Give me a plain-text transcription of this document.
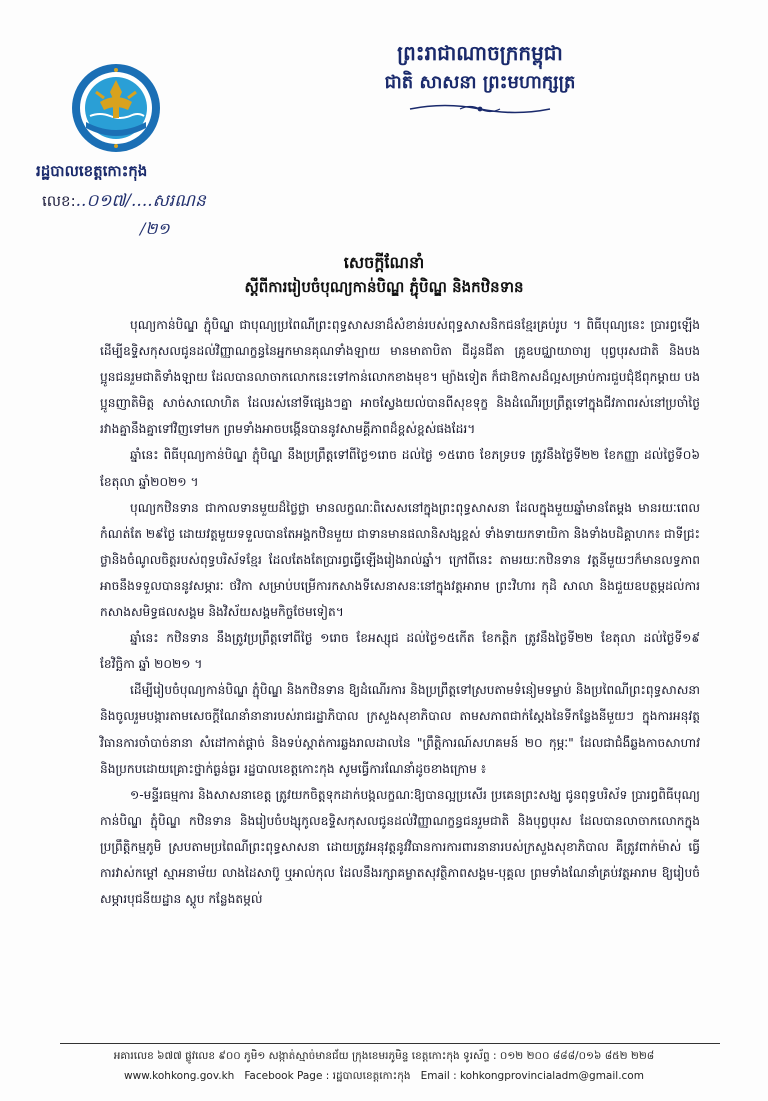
ព្រះរាជាណាចក្រកម្ពុជា
ជាតិ សាសនា ព្រះមហាក្សត្រ
រដ្ឋបាលខេត្តកោះកុង
លេខ:..០១៧/....សរណន
/២១
សេចក្តីណែនាំ
ស្តីពីការរៀបចំបុណ្យកាន់បិណ្ឌ ភ្ជុំបិណ្ឌ និងកឋិនទាន

បុណ្យកាន់បិណ្ឌ ភ្ជុំបិណ្ឌ ជាបុណ្យប្រពៃណីព្រះពុទ្ធសាសនាដ៏សំខាន់របស់ពុទ្ធសាសនិកជនខ្មែរគ្រប់រូប ។ ពិធីបុណ្យនេះ ប្រារព្ធឡើងដើម្បីឧទ្ទិសកុសលជូនដល់វិញ្ញាណក្ខន្ធនៃអ្នកមានគុណទាំងឡាយ មានមាតាបិតា ជីដូនជីតា គ្រូឧបជ្ឈាយាចារ្យ បុព្វបុរសជាតិ និងបងប្អូនជនរួមជាតិទាំងឡាយ ដែលបានលាចាកលោកនេះទៅកាន់លោកខាងមុខ។ ម្យ៉ាងទៀត ក៏ជាឱកាសដ៏ល្អសម្រាប់ការជួបជុំឪពុកម្តាយ បងប្អូនញាតិមិត្ត សាច់សាលោហិត ដែលរស់នៅទីផ្សេងៗគ្នា អាចស្វែងយល់បានពីសុខទុក្ខ និងដំណើរប្រព្រឹត្តទៅក្នុងជីវភាពរស់នៅប្រចាំថ្ងៃរវាងគ្នានឹងគ្នាទៅវិញទៅមក ព្រមទាំងអាចបង្កើនបាននូវសាមគ្គីភាពដ៏ខ្ពស់ខ្ពស់ផងដែរ។

ឆ្នាំនេះ ពិធីបុណ្យកាន់បិណ្ឌ ភ្ជុំបិណ្ឌ នឹងប្រព្រឹត្តទៅពីថ្ងៃ១រោច ដល់ថ្ងៃ ១៥រោច ខែភទ្របទ ត្រូវនឹងថ្ងៃទី២២ ខែកញ្ញា ដល់ថ្ងៃទី០៦ ខែតុលា ឆ្នាំ២០២១ ។

បុណ្យកឋិនទាន ជាកាលទានមួយដ៏ថ្លៃថ្លា មានលក្ខណៈពិសេសនៅក្នុងព្រះពុទ្ធសាសនា ដែលក្នុងមួយឆ្នាំមានតែម្តង មានរយៈពេលកំណត់តែ ២៩ថ្ងៃ ដោយវត្តមួយទទួលបានតែអង្គកឋិនមួយ ជាទានមានផលានិសង្សខ្ពស់ ទាំងទាយកទាយិកា និងទាំងបដិគ្គាហក៖ ជាទីជ្រះថ្លានិងចំណូលចិត្តរបស់ពុទ្ធបរិស័ទខ្មែរ ដែលតែងតែប្រារព្ធធ្វើឡើងរៀងរាល់ឆ្នាំ។ ក្រៅពីនេះ តាមរយៈកឋិនទាន វត្តនីមួយៗក៏មានលទ្ធភាពអាចនឹងទទួលបាននូវសម្ភារៈ ថវិកា សម្រាប់បម្រើការកសាងទីសេនាសនៈនៅក្នុងវត្តអារាម ព្រះវិហារ កុដិ សាលា និងជួយឧបត្ថម្ភដល់ការកសាងសមិទ្ធផលសង្គម និងវិស័យសង្គមកិច្ចថែមទៀត។

ឆ្នាំនេះ កឋិនទាន នឹងត្រូវប្រព្រឹត្តទៅពីថ្ងៃ ១រោច ខែអស្សុជ ដល់ថ្ងៃ១៥កើត ខែកត្តិក ត្រូវនឹងថ្ងៃទី២២ ខែតុលា ដល់ថ្ងៃទី១៩ ខែវិច្ឆិកា ឆ្នាំ ២០២១ ។

ដើម្បីរៀបចំបុណ្យកាន់បិណ្ឌ ភ្ជុំបិណ្ឌ និងកឋិនទាន ឱ្យដំណើរការ និងប្រព្រឹត្តទៅស្របតាមទំនៀមទម្លាប់ និងប្រពៃណីព្រះពុទ្ធសាសនា និងចូលរួមបង្ការតាមសេចក្តីណែនាំនានារបស់រាជរដ្ឋាភិបាល ក្រសួងសុខាភិបាល តាមសភាពជាក់ស្តែងនៃទីកន្លែងនីមួយៗ ក្នុងការអនុវត្តវិធានការចាំបាច់នានា សំដៅកាត់ផ្តាច់ និងទប់ស្កាត់ការឆ្លងរាលដាលនៃ "ព្រឹត្តិការណ៍សហគមន៍ ២០ កុម្ភៈ" ដែលជាជំងឺឆ្លងកាចសាហាវ និងប្រកបដោយគ្រោះថ្នាក់ធ្ងន់ធ្ងរ រដ្ឋបាលខេត្តកោះកុង សូមធ្វើការណែនាំដូចខាងក្រោម ៖

១-មន្ទីរធម្មការ និងសាសនាខេត្ត ត្រូវយកចិត្តទុកដាក់បង្កលក្ខណៈឱ្យបានល្អប្រសើរ ប្រគេនព្រះសង្ឃ ជូនពុទ្ធបរិស័ទ ប្រារព្ធពិធីបុណ្យកាន់បិណ្ឌ ភ្ជុំបិណ្ឌ កឋិនទាន និងរៀបចំបង្សុកូលឧទ្ទិសកុសលជូនដល់វិញ្ញាណក្ខន្ធជនរួមជាតិ និងបុព្វបុរស ដែលបានលាចាកលោកក្នុងប្រព្រឹត្តិកម្មភូមិ ស្របតាមប្រពៃណីព្រះពុទ្ធសាសនា ដោយត្រូវអនុវត្តនូវវិធានការការពារនានារបស់ក្រសួងសុខាភិបាល គឺត្រូវពាក់ម៉ាស់ ធ្វើការវាស់កម្តៅ ស្មាអនាម័យ លាងដៃសាប៊ូ ឬអាល់កុល ដែលនឹងរក្សាគម្លាតសុវត្ថិភាពសង្គម-បុគ្គល ព្រមទាំងណែនាំគ្រប់វត្តអារាម ឱ្យរៀបចំសម្ភារបុជនីយដ្ឋាន ស្តូប កន្លែងតម្កល់

អគារលេខ ៦៧៧ ផ្លូវលេខ ៩០០ ភូមិ១ សង្កាត់ស្មាច់មានជ័យ ក្រុងខេមរភូមិន្ទ ខេត្តកោះកុង ទូរស័ព្ទ : ០១២ ២០០ ៨៨៨/០១៦ ៨៥២ ២២៨
www.kohkong.gov.kh Facebook Page : រដ្ឋបាលខេត្តកោះកុង Email : kohkongprovincialadm@gmail.com
